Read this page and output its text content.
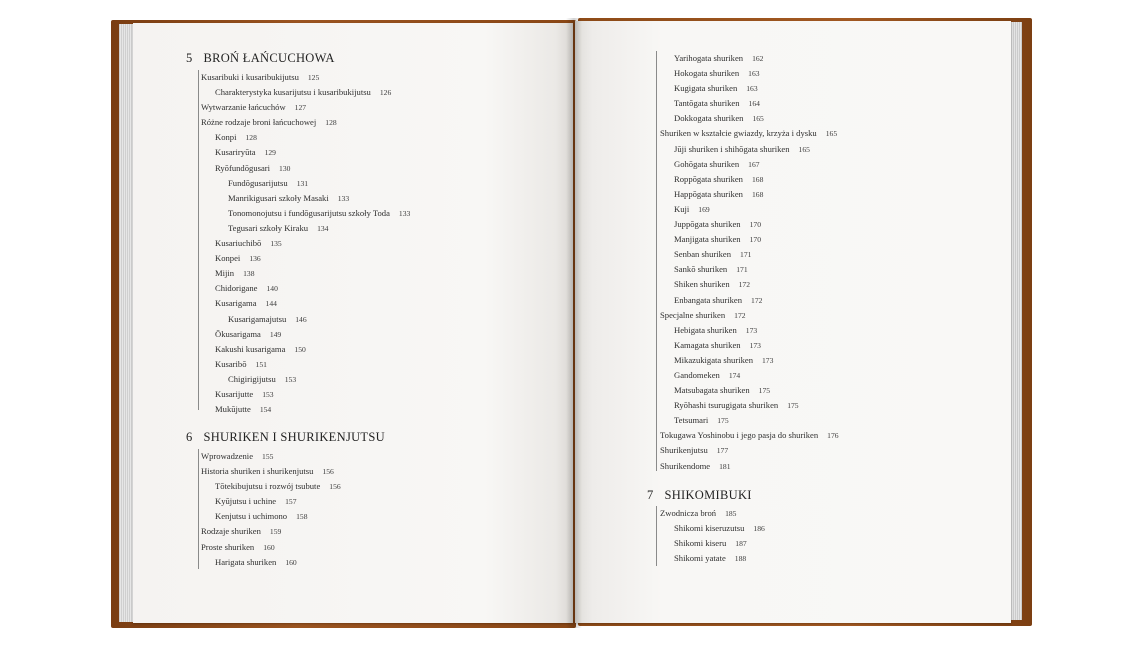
5 BROŃ ŁAŃCUCHOWA
Kusaribuki i kusaribukijutsu 125
Charakterystyka kusarijutsu i kusaribukijutsu 126
Wytwarzanie łańcuchów 127
Różne rodzaje broni łańcuchowej 128
Konpi 128
Kusariryūta 129
Ryōfundōgusari 130
Fundōgusarijutsu 131
Manrikigusari szkoły Masaki 133
Tonomonojutsu i fundōgusarijutsu szkoły Toda 133
Tegusari szkoły Kiraku 134
Kusariuchibō 135
Konpei 136
Mijin 138
Chidorigane 140
Kusarigama 144
Kusarigamajutsu 146
Ōkusarigama 149
Kakushi kusarigama 150
Kusaribō 151
Chigirigijutsu 153
Kusarijutte 153
Mukūjutte 154
6 SHURIKEN I SHURIKENJUTSU
Wprowadzenie 155
Historia shuriken i shurikenjutsu 156
Tōtekibujutsu i rozwój tsubute 156
Kyūjutsu i uchine 157
Kenjutsu i uchimono 158
Rodzaje shuriken 159
Proste shuriken 160
Harigata shuriken 160
Yarihogata shuriken 162
Hokogata shuriken 163
Kugigata shuriken 163
Tantōgata shuriken 164
Dokkogata shuriken 165
Shuriken w kształcie gwiazdy, krzyża i dysku 165
Jūji shuriken i shihōgata shuriken 165
Gohōgata shuriken 167
Roppōgata shuriken 168
Happōgata shuriken 168
Kuji 169
Juppōgata shuriken 170
Manjigata shuriken 170
Senban shuriken 171
Sankō shuriken 171
Shiken shuriken 172
Enbangata shuriken 172
Specjalne shuriken 172
Hebigata shuriken 173
Kamagata shuriken 173
Mikazukigata shuriken 173
Gandomeken 174
Matsubagata shuriken 175
Ryōhashi tsurugigata shuriken 175
Tetsumari 175
Tokugawa Yoshinobu i jego pasja do shuriken 176
Shurikenjutsu 177
Shurikendome 181
7 SHIKOMIBUKI
Zwodnicza broń 185
Shikomi kiseruzutsu 186
Shikomi kiseru 187
Shikomi yatate 188
